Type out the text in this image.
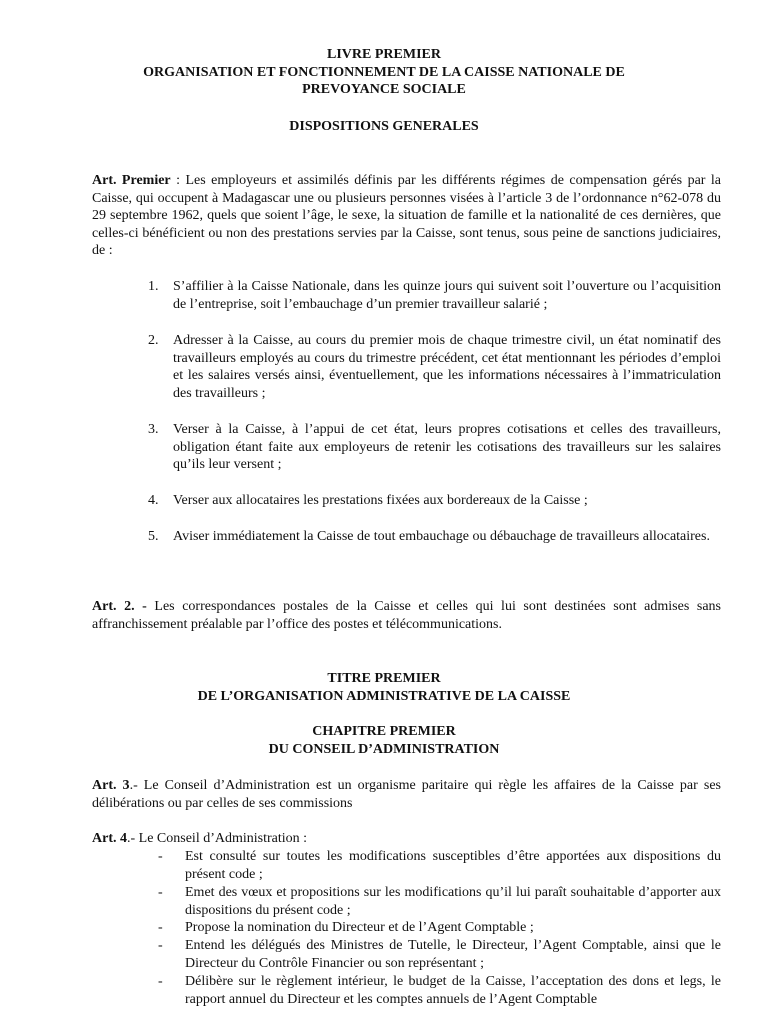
LIVRE PREMIER
ORGANISATION ET FONCTIONNEMENT DE LA CAISSE NATIONALE DE
PREVOYANCE SOCIALE
DISPOSITIONS GENERALES
Art. Premier : Les employeurs et assimilés définis par les différents régimes de compensation gérés par la Caisse, qui occupent à Madagascar une ou plusieurs personnes visées à l’article 3 de l’ordonnance n°62-078 du 29 septembre 1962, quels que soient l’âge, le sexe, la situation de famille et la nationalité de ces dernières, que celles-ci bénéficient ou non des prestations servies par la Caisse, sont tenus, sous peine de sanctions judiciaires, de :
1.	S’affilier à la Caisse Nationale, dans les quinze jours qui suivent soit l’ouverture ou l’acquisition de l’entreprise, soit l’embauchage d’un premier travailleur salarié ;
2.	Adresser à la Caisse, au cours du premier mois de chaque trimestre civil, un état nominatif des travailleurs employés au cours du trimestre précédent, cet état mentionnant les périodes d’emploi et les salaires versés ainsi, éventuellement, que les informations nécessaires à l’immatriculation des travailleurs ;
3.	Verser à la Caisse, à l’appui de cet état, leurs propres cotisations et celles des travailleurs, obligation étant faite aux employeurs de retenir les cotisations des travailleurs sur les salaires qu’ils leur versent ;
4.	Verser aux allocataires les prestations fixées aux bordereaux de la Caisse ;
5.	Aviser immédiatement la Caisse de tout embauchage ou débauchage de travailleurs allocataires.
Art. 2. - Les correspondances postales de la Caisse et celles qui lui sont destinées sont admises sans affranchissement préalable par l’office des postes et télécommunications.
TITRE PREMIER
DE L’ORGANISATION ADMINISTRATIVE DE LA CAISSE
CHAPITRE PREMIER
DU CONSEIL D’ADMINISTRATION
Art. 3.- Le Conseil d’Administration est un organisme paritaire qui règle les affaires de la Caisse par ses délibérations ou par celles de ses commissions
Art. 4.- Le Conseil d’Administration :
- Est consulté sur toutes les modifications susceptibles d’être apportées aux dispositions du présent code ;
- Emet des vœux et propositions sur les modifications qu’il lui paraît souhaitable d’apporter aux dispositions du présent code ;
- Propose la nomination du Directeur et de l’Agent Comptable ;
- Entend les délégués des Ministres de Tutelle, le Directeur, l’Agent Comptable, ainsi que le Directeur du Contrôle Financier ou son représentant ;
- Délibère sur le règlement intérieur, le budget de la Caisse, l’acceptation des dons et legs, le rapport annuel du Directeur et les comptes annuels de l’Agent Comptable
